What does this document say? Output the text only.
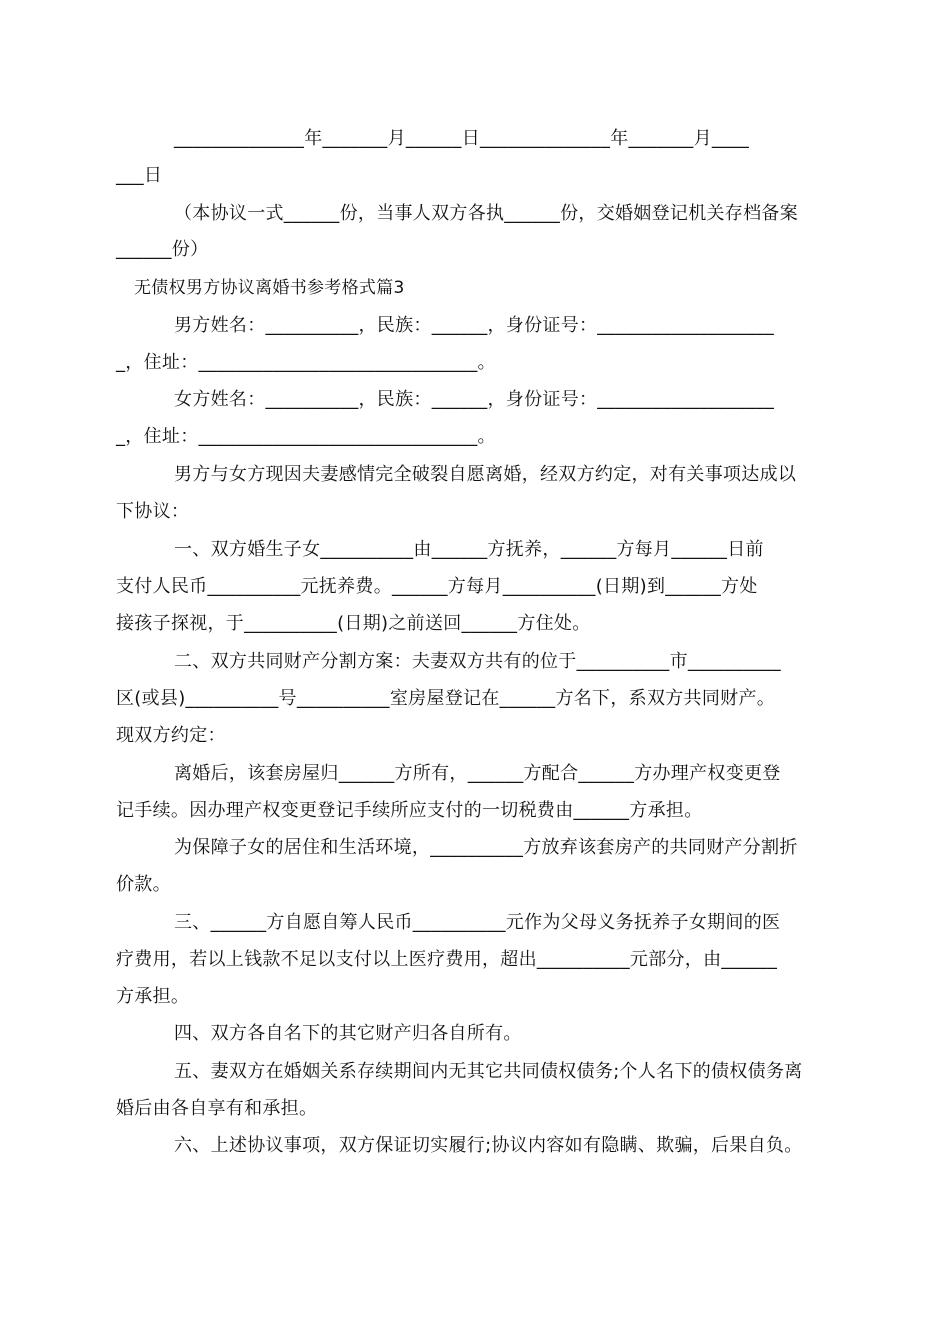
______________年_______月______日______________年_______月____
___日
（本协议一式______份，当事人双方各执______份，交婚姻登记机关存档备案
______份）
无债权男方协议离婚书参考格式篇3
男方姓名：__________，民族：______，身份证号：___________________
_，住址：______________________________。
女方姓名：__________，民族：______，身份证号：___________________
_，住址：______________________________。
男方与女方现因夫妻感情完全破裂自愿离婚，经双方约定，对有关事项达成以
下协议：
一、双方婚生子女__________由______方抚养，______方每月______日前
支付人民币__________元抚养费。______方每月__________(日期)到______方处
接孩子探视，于__________(日期)之前送回______方住处。
二、双方共同财产分割方案：夫妻双方共有的位于__________市__________
区(或县)__________号__________室房屋登记在______方名下，系双方共同财产。
现双方约定：
离婚后，该套房屋归______方所有，______方配合______方办理产权变更登
记手续。因办理产权变更登记手续所应支付的一切税费由______方承担。
为保障子女的居住和生活环境，__________方放弃该套房产的共同财产分割折
价款。
三、______方自愿自筹人民币__________元作为父母义务抚养子女期间的医
疗费用，若以上钱款不足以支付以上医疗费用，超出__________元部分，由______
方承担。
四、双方各自名下的其它财产归各自所有。
五、妻双方在婚姻关系存续期间内无其它共同债权债务;个人名下的债权债务离
婚后由各自享有和承担。
六、上述协议事项，双方保证切实履行;协议内容如有隐瞒、欺骗，后果自负。
